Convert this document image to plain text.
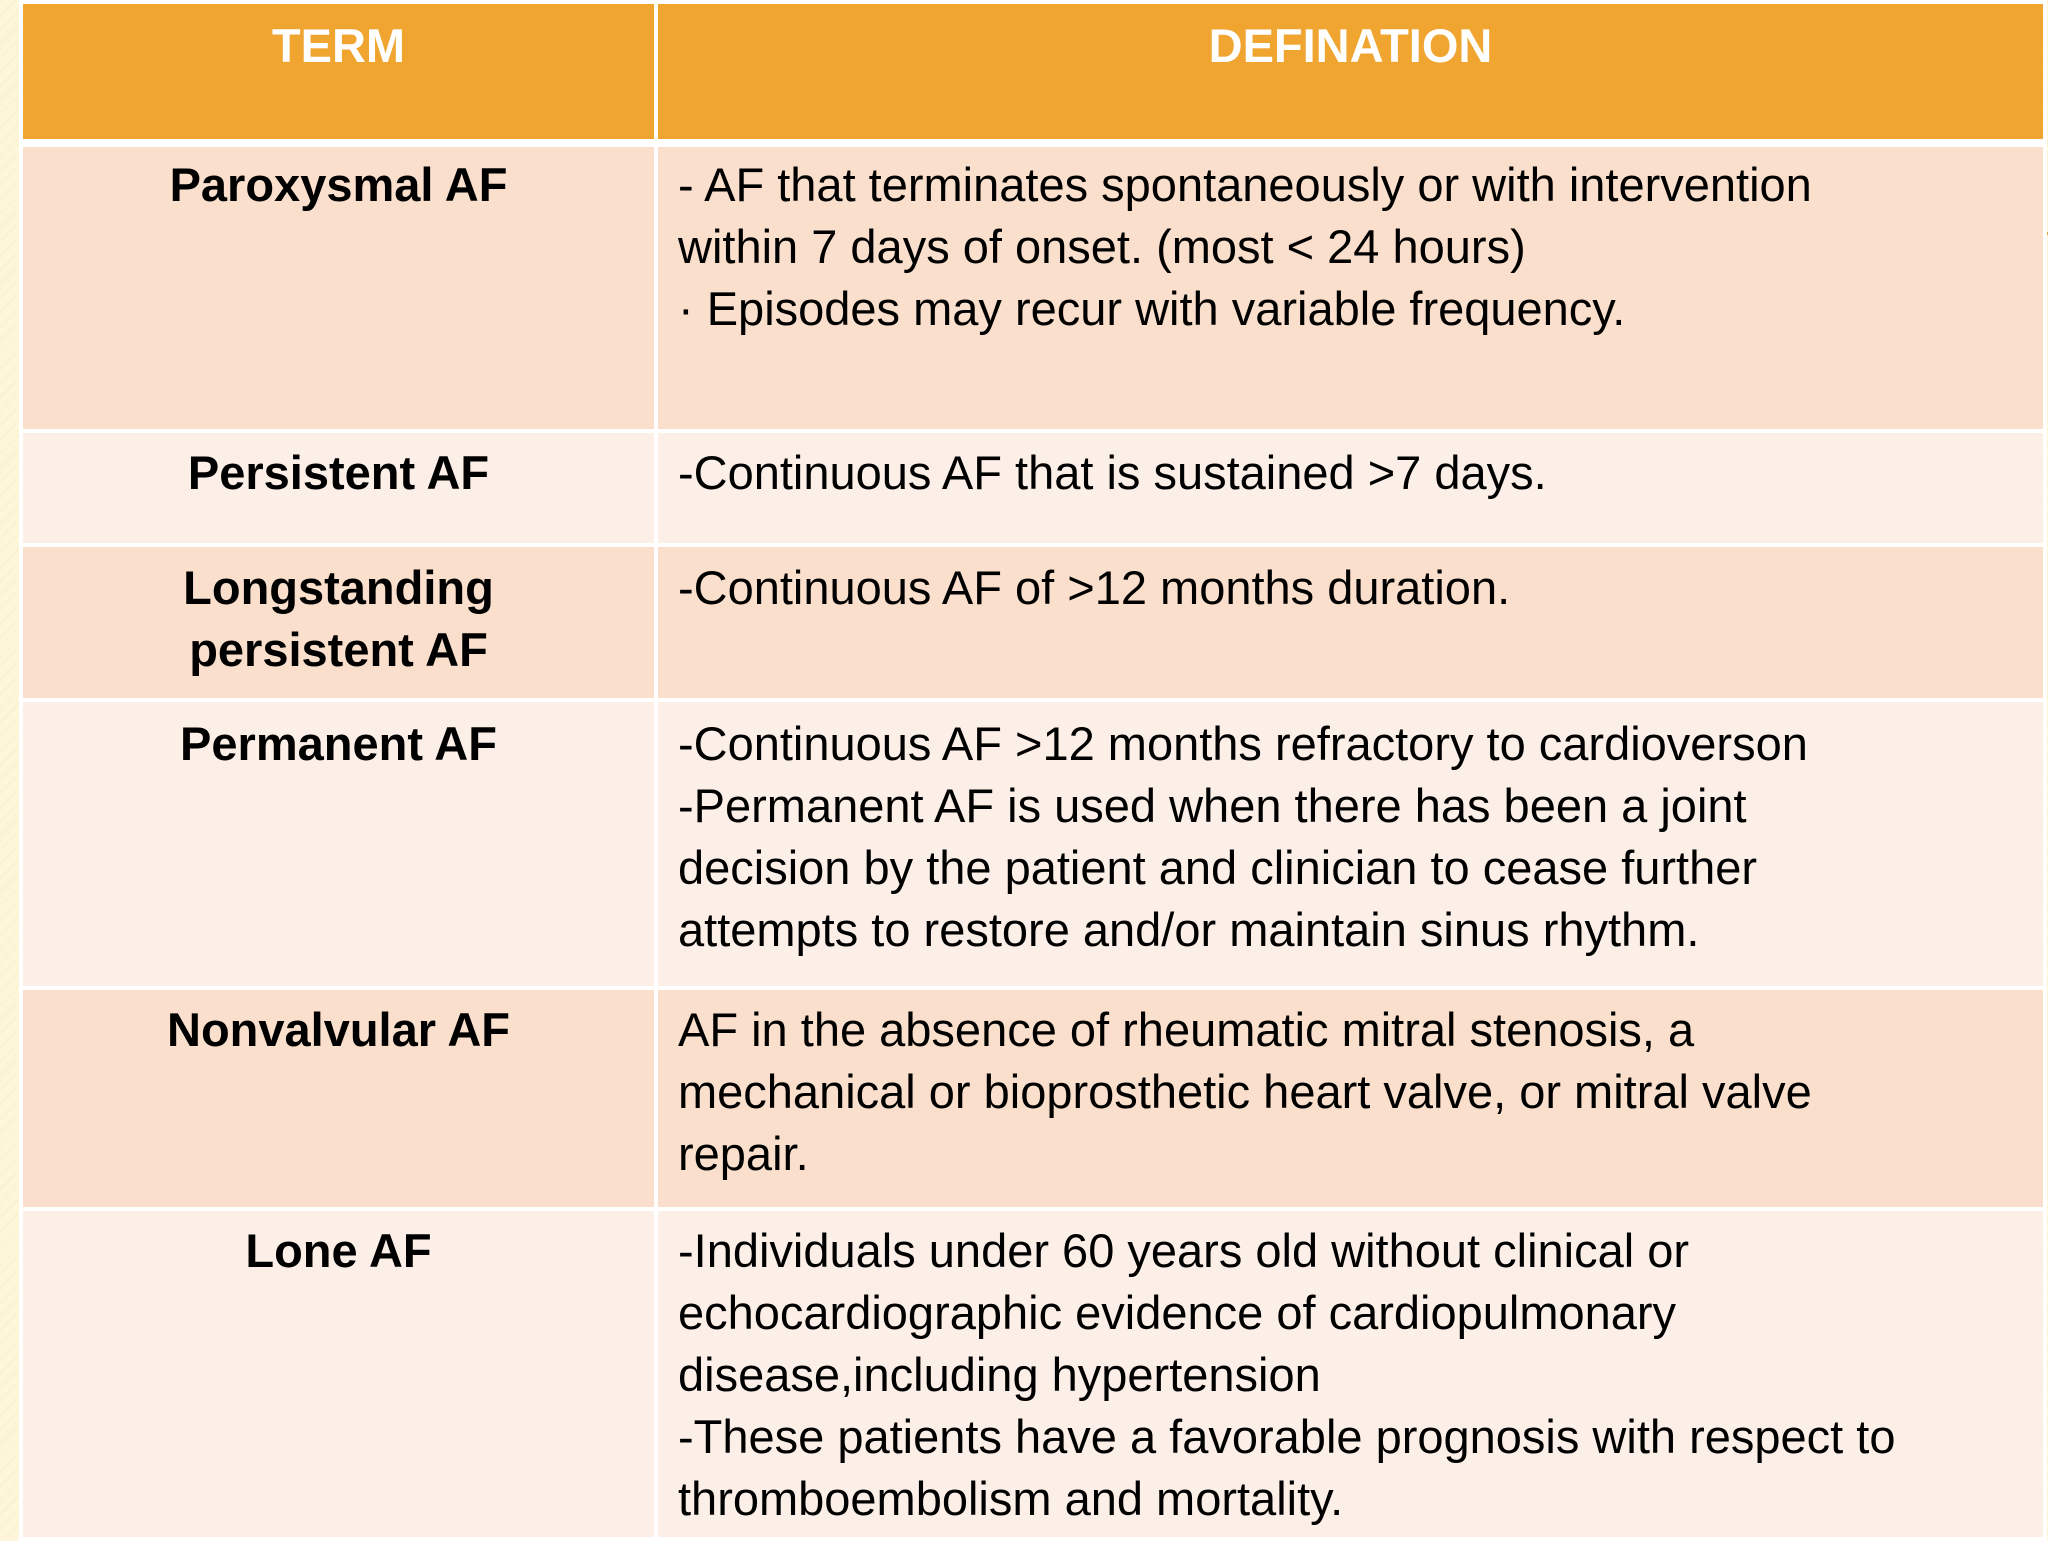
TERM	DEFINATION

Paroxysmal AF	- AF that terminates spontaneously or with intervention
within 7 days of onset. (most < 24 hours)
· Episodes may recur with variable frequency.

Persistent AF	-Continuous AF that is sustained >7 days.

Longstanding
persistent AF	-Continuous AF of >12 months duration.

Permanent AF	-Continuous AF >12 months refractory to cardioverson
-Permanent AF is used when there has been a joint
decision by the patient and clinician to cease further
attempts to restore and/or maintain sinus rhythm.

Nonvalvular AF	AF in the absence of rheumatic mitral stenosis, a
mechanical or bioprosthetic heart valve, or mitral valve
repair.

Lone AF	-Individuals under 60 years old without clinical or
echocardiographic evidence of cardiopulmonary
disease,including hypertension
-These patients have a favorable prognosis with respect to
thromboembolism and mortality.
